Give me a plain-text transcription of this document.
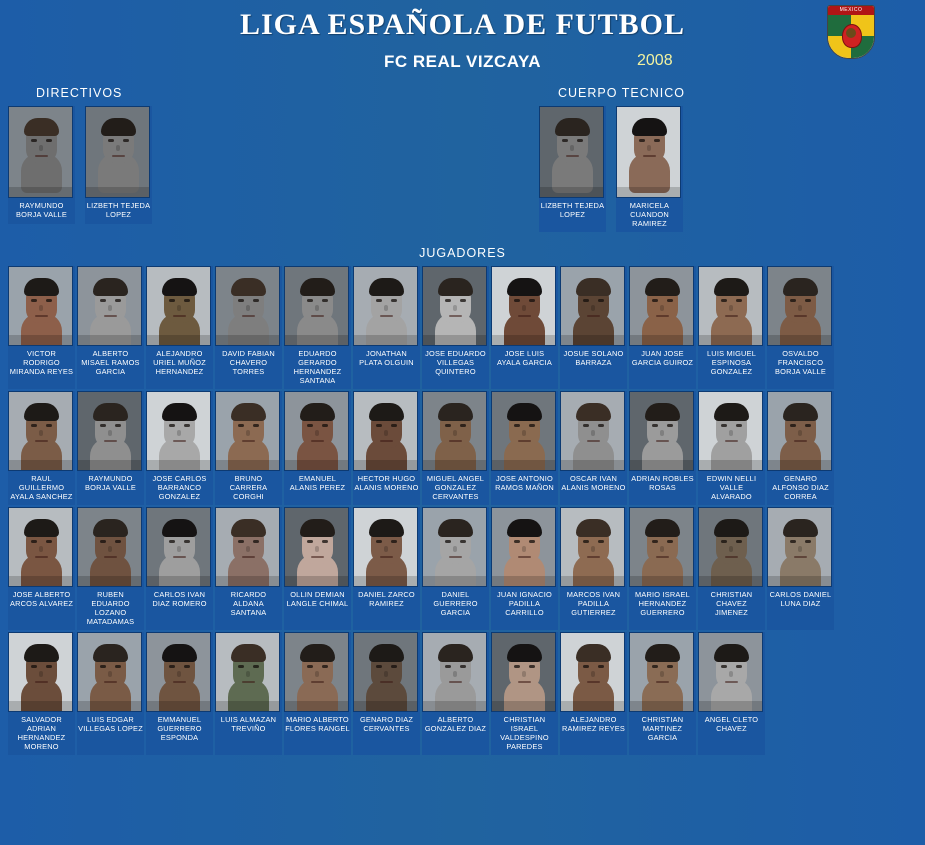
LIGA ESPAÑOLA DE FUTBOL
FC REAL VIZCAYA	2008
MEXICO
DIRECTIVOS	CUERPO TECNICO
RAYMUNDO BORJA VALLE
LIZBETH TEJEDA LOPEZ
LIZBETH TEJEDA LOPEZ
MARICELA CUANDON RAMIREZ
JUGADORES
VICTOR RODRIGO MIRANDA REYES
ALBERTO MISAEL RAMOS GARCIA
ALEJANDRO URIEL MUÑOZ HERNANDEZ
DAVID FABIAN CHAVERO TORRES
EDUARDO GERARDO HERNANDEZ SANTANA
JONATHAN PLATA OLGUIN
JOSE EDUARDO VILLEGAS QUINTERO
JOSE LUIS AYALA GARCIA
JOSUE SOLANO BARRAZA
JUAN JOSE GARCIA GUIROZ
LUIS MIGUEL ESPINOSA GONZALEZ
OSVALDO FRANCISCO BORJA VALLE
RAUL GUILLERMO AYALA SANCHEZ
RAYMUNDO BORJA VALLE
JOSE CARLOS BARRANCO GONZALEZ
BRUNO CARRERA CORGHI
EMANUEL ALANIS PEREZ
HECTOR HUGO ALANIS MORENO
MIGUEL ANGEL GONZALEZ CERVANTES
JOSE ANTONIO RAMOS MAÑON
OSCAR IVAN ALANIS MORENO
ADRIAN ROBLES ROSAS
EDWIN NELLI VALLE ALVARADO
GENARO ALFONSO DIAZ CORREA
JOSE ALBERTO ARCOS ALVAREZ
RUBEN EDUARDO LOZANO MATADAMAS
CARLOS IVAN DIAZ ROMERO
RICARDO ALDANA SANTANA
OLLIN DEMIAN LANGLE CHIMAL
DANIEL ZARCO RAMIREZ
DANIEL GUERRERO GARCIA
JUAN IGNACIO PADILLA CARRILLO
MARCOS IVAN PADILLA GUTIERREZ
MARIO ISRAEL HERNANDEZ GUERRERO
CHRISTIAN CHAVEZ JIMENEZ
CARLOS DANIEL LUNA DIAZ
SALVADOR ADRIAN HERNANDEZ MORENO
LUIS EDGAR VILLEGAS LOPEZ
EMMANUEL GUERRERO ESPONDA
LUIS ALMAZAN TREVIÑO
MARIO ALBERTO FLORES RANGEL
GENARO DIAZ CERVANTES
ALBERTO GONZALEZ DIAZ
CHRISTIAN ISRAEL VALDESPINO PAREDES
ALEJANDRO RAMIREZ REYES
CHRISTIAN MARTINEZ GARCIA
ANGEL CLETO CHAVEZ
